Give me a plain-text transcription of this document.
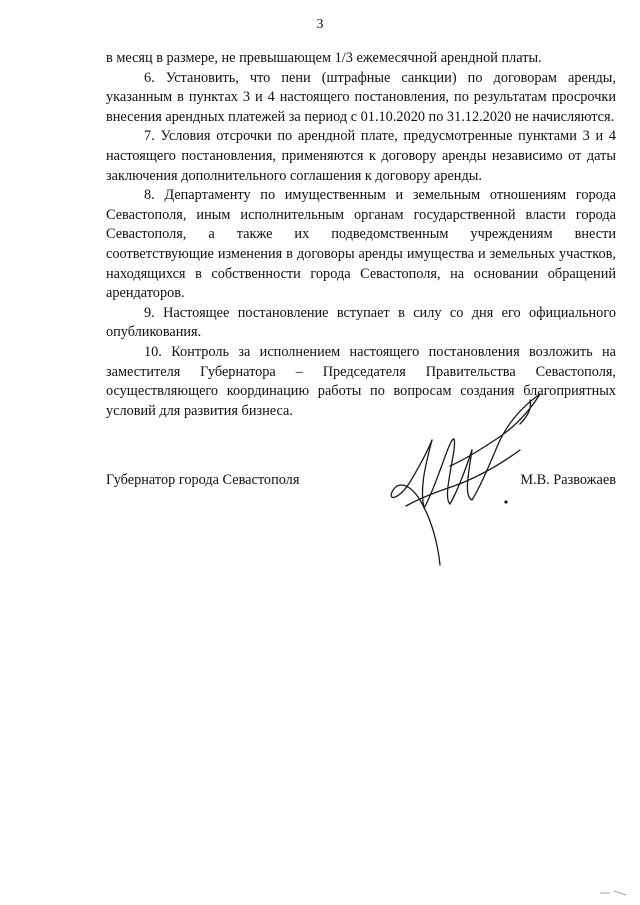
3

в месяц в размере, не превышающем 1/3 ежемесячной арендной платы.

6. Установить, что пени (штрафные санкции) по договорам аренды, указанным в пунктах 3 и 4 настоящего постановления, по результатам просрочки внесения арендных платежей за период с 01.10.2020 по 31.12.2020 не начисляются.

7. Условия отсрочки по арендной плате, предусмотренные пунктами 3 и 4 настоящего постановления, применяются к договору аренды независимо от даты заключения дополнительного соглашения к договору аренды.

8. Департаменту по имущественным и земельным отношениям города Севастополя, иным исполнительным органам государственной власти города Севастополя, а также их подведомственным учреждениям внести соответствующие изменения в договоры аренды имущества и земельных участков, находящихся в собственности города Севастополя, на основании обращений арендаторов.

9. Настоящее постановление вступает в силу со дня его официального опубликования.

10. Контроль за исполнением настоящего постановления возложить на заместителя Губернатора – Председателя Правительства Севастополя, осуществляющего координацию работы по вопросам создания благоприятных условий для развития бизнеса.

Губернатор города Севастополя	М.В. Развожаев
